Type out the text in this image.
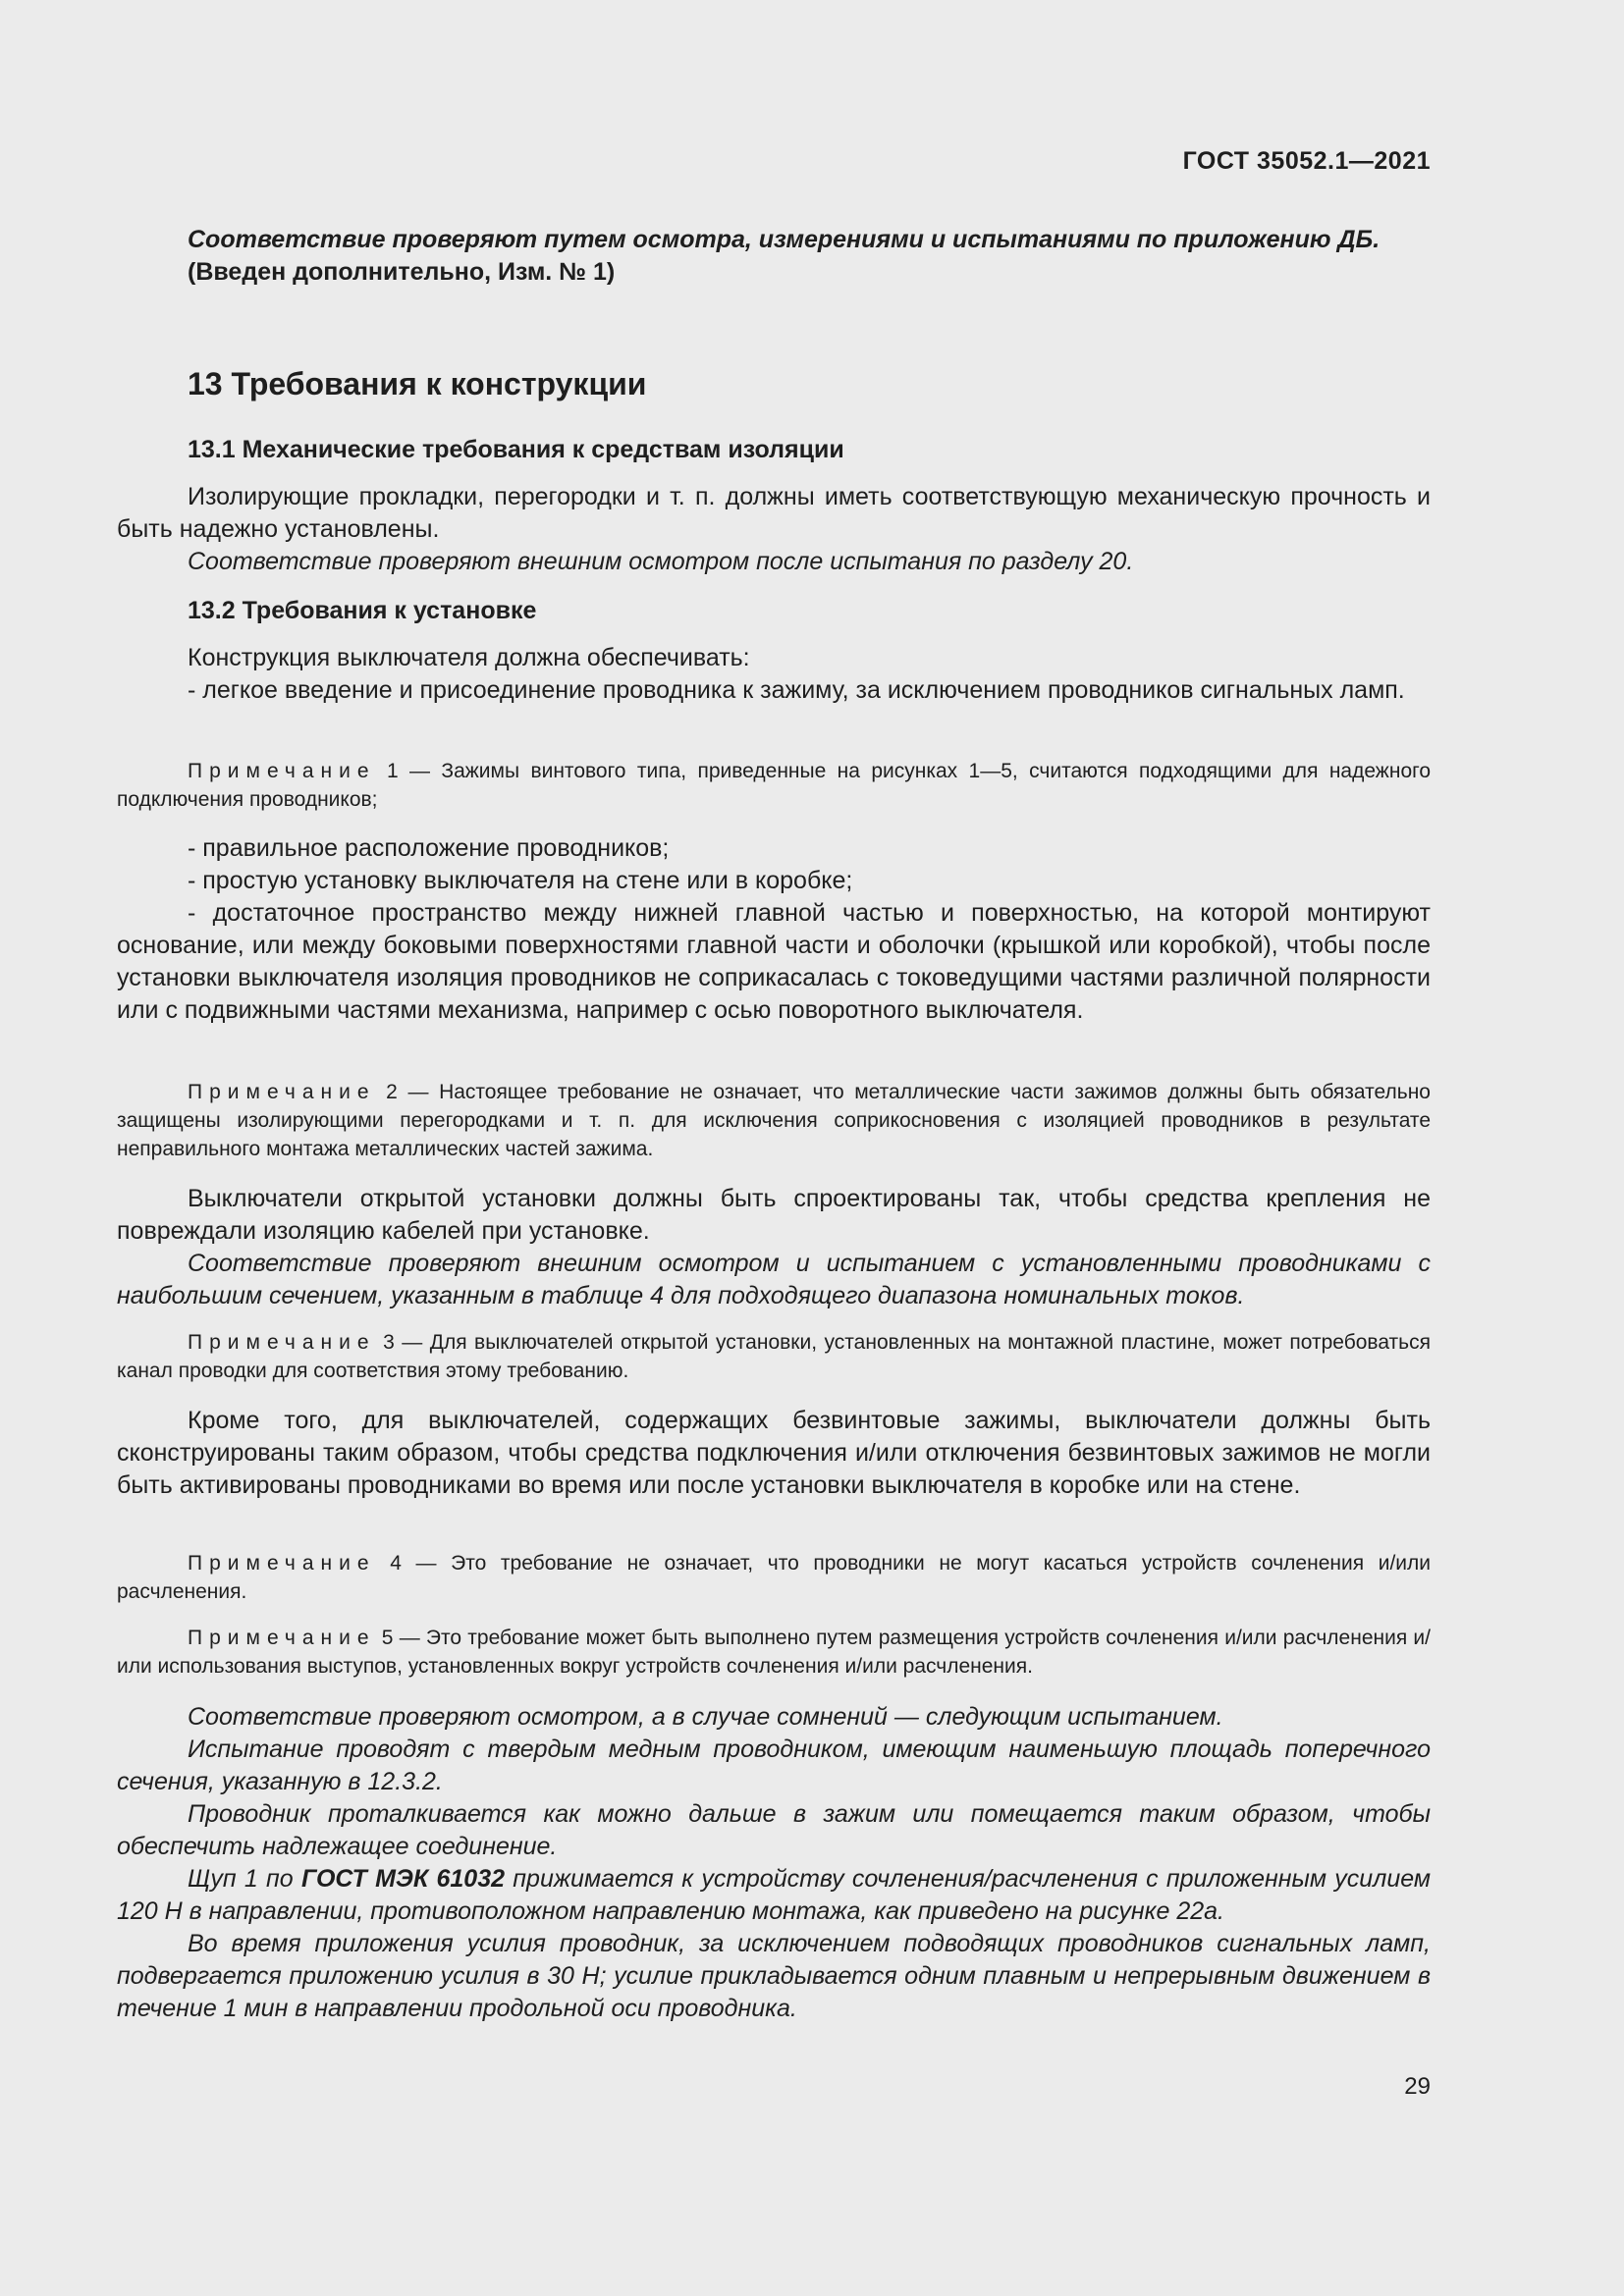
ГОСТ 35052.1—2021

Соответствие проверяют путем осмотра, измерениями и испытаниями по приложению ДБ.

(Введен дополнительно, Изм. № 1)

13 Требования к конструкции

13.1 Механические требования к средствам изоляции

Изолирующие прокладки, перегородки и т. п. должны иметь соответствующую механическую прочность и быть надежно установлены.

Соответствие проверяют внешним осмотром после испытания по разделу 20.

13.2 Требования к установке

Конструкция выключателя должна обеспечивать:

- легкое введение и присоединение проводника к зажиму, за исключением проводников сигнальных ламп.

Примечание 1 — Зажимы винтового типа, приведенные на рисунках 1—5, считаются подходящими для надежного подключения проводников;

- правильное расположение проводников;

- простую установку выключателя на стене или в коробке;

- достаточное пространство между нижней главной частью и поверхностью, на которой монтируют основание, или между боковыми поверхностями главной части и оболочки (крышкой или коробкой), чтобы после установки выключателя изоляция проводников не соприкасалась с токоведущими частями различной полярности или с подвижными частями механизма, например с осью поворотного выключателя.

Примечание 2 — Настоящее требование не означает, что металлические части зажимов должны быть обязательно защищены изолирующими перегородками и т. п. для исключения соприкосновения с изоляцией проводников в результате неправильного монтажа металлических частей зажима.

Выключатели открытой установки должны быть спроектированы так, чтобы средства крепления не повреждали изоляцию кабелей при установке.

Соответствие проверяют внешним осмотром и испытанием с установленными проводниками с наибольшим сечением, указанным в таблице 4 для подходящего диапазона номинальных токов.

Примечание 3 — Для выключателей открытой установки, установленных на монтажной пластине, может потребоваться канал проводки для соответствия этому требованию.

Кроме того, для выключателей, содержащих безвинтовые зажимы, выключатели должны быть сконструированы таким образом, чтобы средства подключения и/или отключения безвинтовых зажимов не могли быть активированы проводниками во время или после установки выключателя в коробке или на стене.

Примечание 4 — Это требование не означает, что проводники не могут касаться устройств сочленения и/или расчленения.

Примечание 5 — Это требование может быть выполнено путем размещения устройств сочленения и/или расчленения и/или использования выступов, установленных вокруг устройств сочленения и/или расчленения.

Соответствие проверяют осмотром, а в случае сомнений — следующим испытанием.

Испытание проводят с твердым медным проводником, имеющим наименьшую площадь поперечного сечения, указанную в 12.3.2.

Проводник проталкивается как можно дальше в зажим или помещается таким образом, чтобы обеспечить надлежащее соединение.

Щуп 1 по ГОСТ МЭК 61032 прижимается к устройству сочленения/расчленения с приложенным усилием 120 Н в направлении, противоположном направлению монтажа, как приведено на рисунке 22а.

Во время приложения усилия проводник, за исключением подводящих проводников сигнальных ламп, подвергается приложению усилия в 30 Н; усилие прикладывается одним плавным и непрерывным движением в течение 1 мин в направлении продольной оси проводника.

29
